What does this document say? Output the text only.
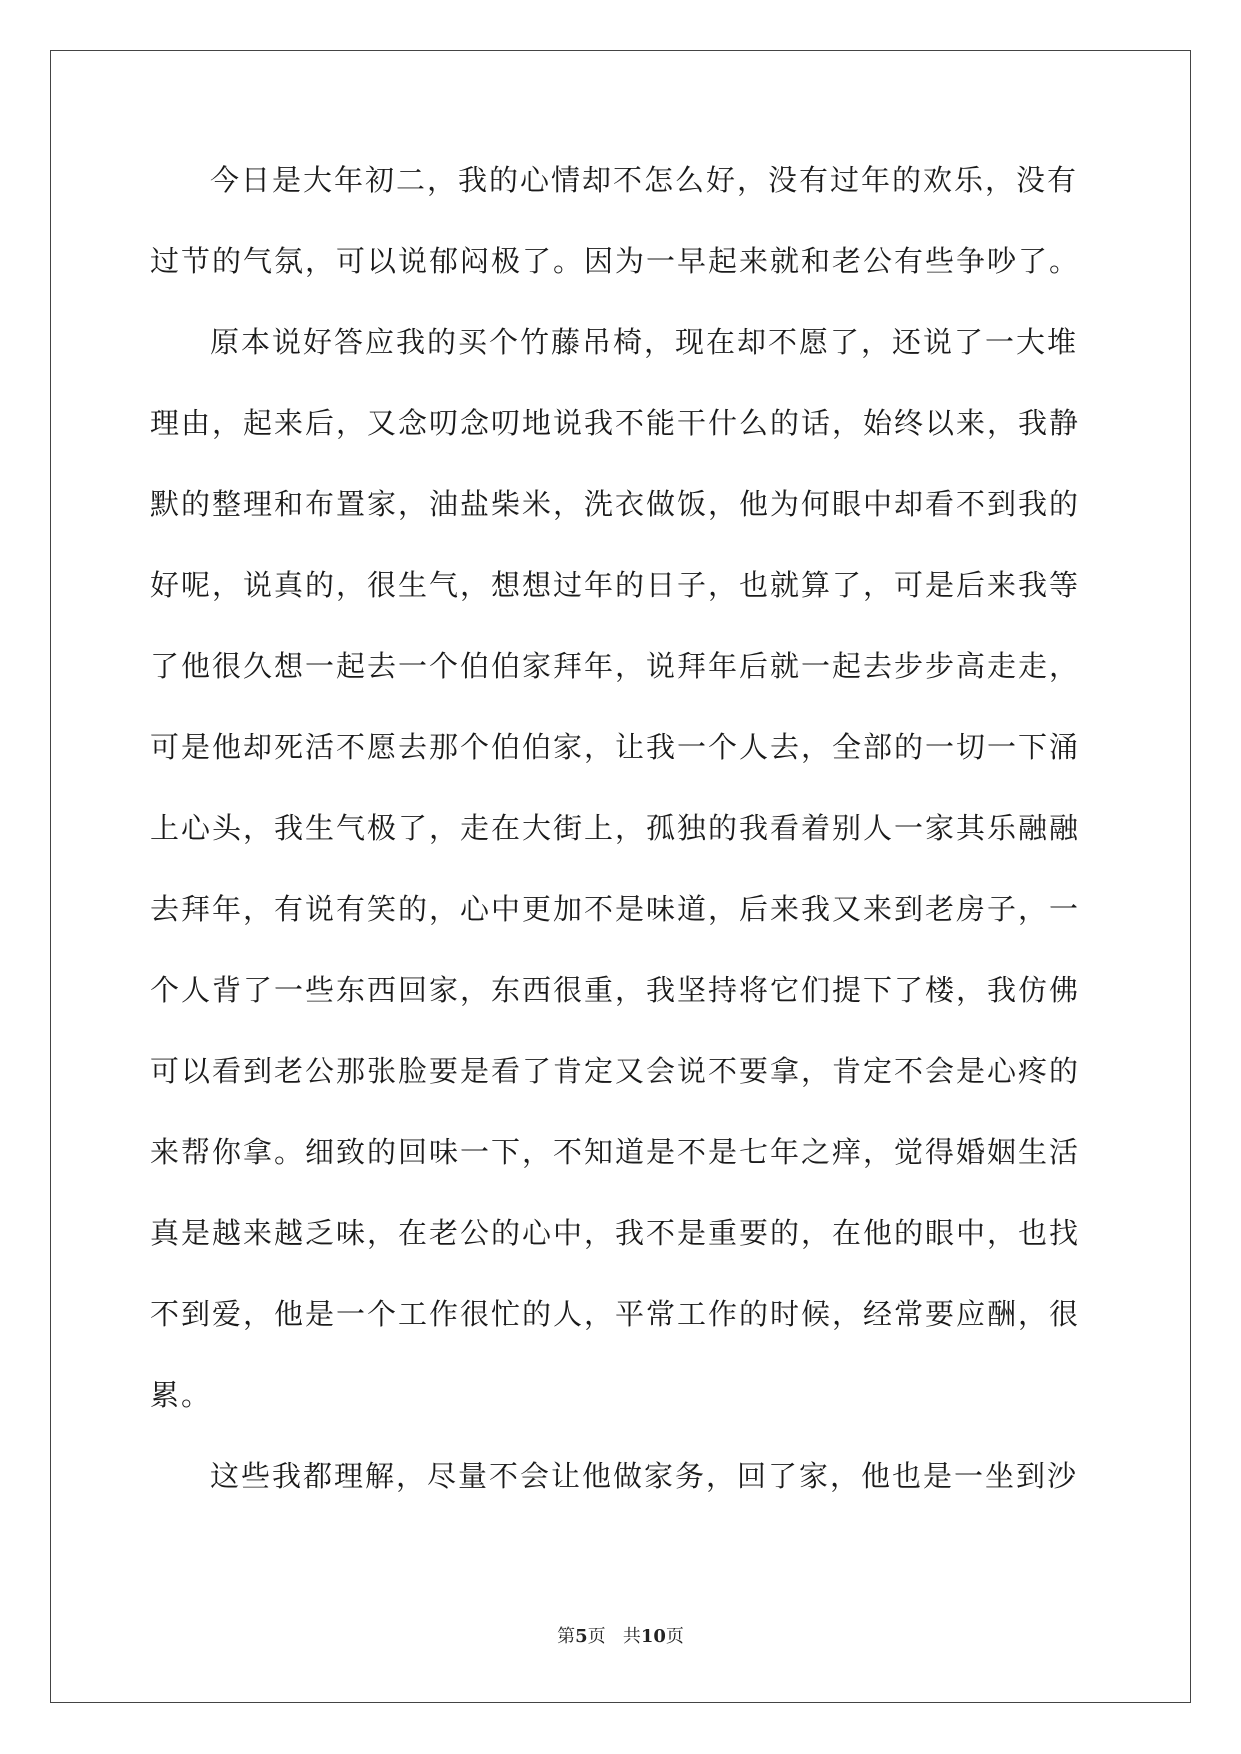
今日是大年初二，我的心情却不怎么好，没有过年的欢乐，没有
过节的气氛，可以说郁闷极了。因为一早起来就和老公有些争吵了。
原本说好答应我的买个竹藤吊椅，现在却不愿了，还说了一大堆
理由，起来后，又念叨念叨地说我不能干什么的话，始终以来，我静
默的整理和布置家，油盐柴米，洗衣做饭，他为何眼中却看不到我的
好呢，说真的，很生气，想想过年的日子，也就算了，可是后来我等
了他很久想一起去一个伯伯家拜年，说拜年后就一起去步步高走走，
可是他却死活不愿去那个伯伯家，让我一个人去，全部的一切一下涌
上心头，我生气极了，走在大街上，孤独的我看着别人一家其乐融融
去拜年，有说有笑的，心中更加不是味道，后来我又来到老房子，一
个人背了一些东西回家，东西很重，我坚持将它们提下了楼，我仿佛
可以看到老公那张脸要是看了肯定又会说不要拿，肯定不会是心疼的
来帮你拿。细致的回味一下，不知道是不是七年之痒，觉得婚姻生活
真是越来越乏味，在老公的心中，我不是重要的，在他的眼中，也找
不到爱，他是一个工作很忙的人，平常工作的时候，经常要应酬，很
累。
这些我都理解，尽量不会让他做家务，回了家，他也是一坐到沙
第5页 共10页
